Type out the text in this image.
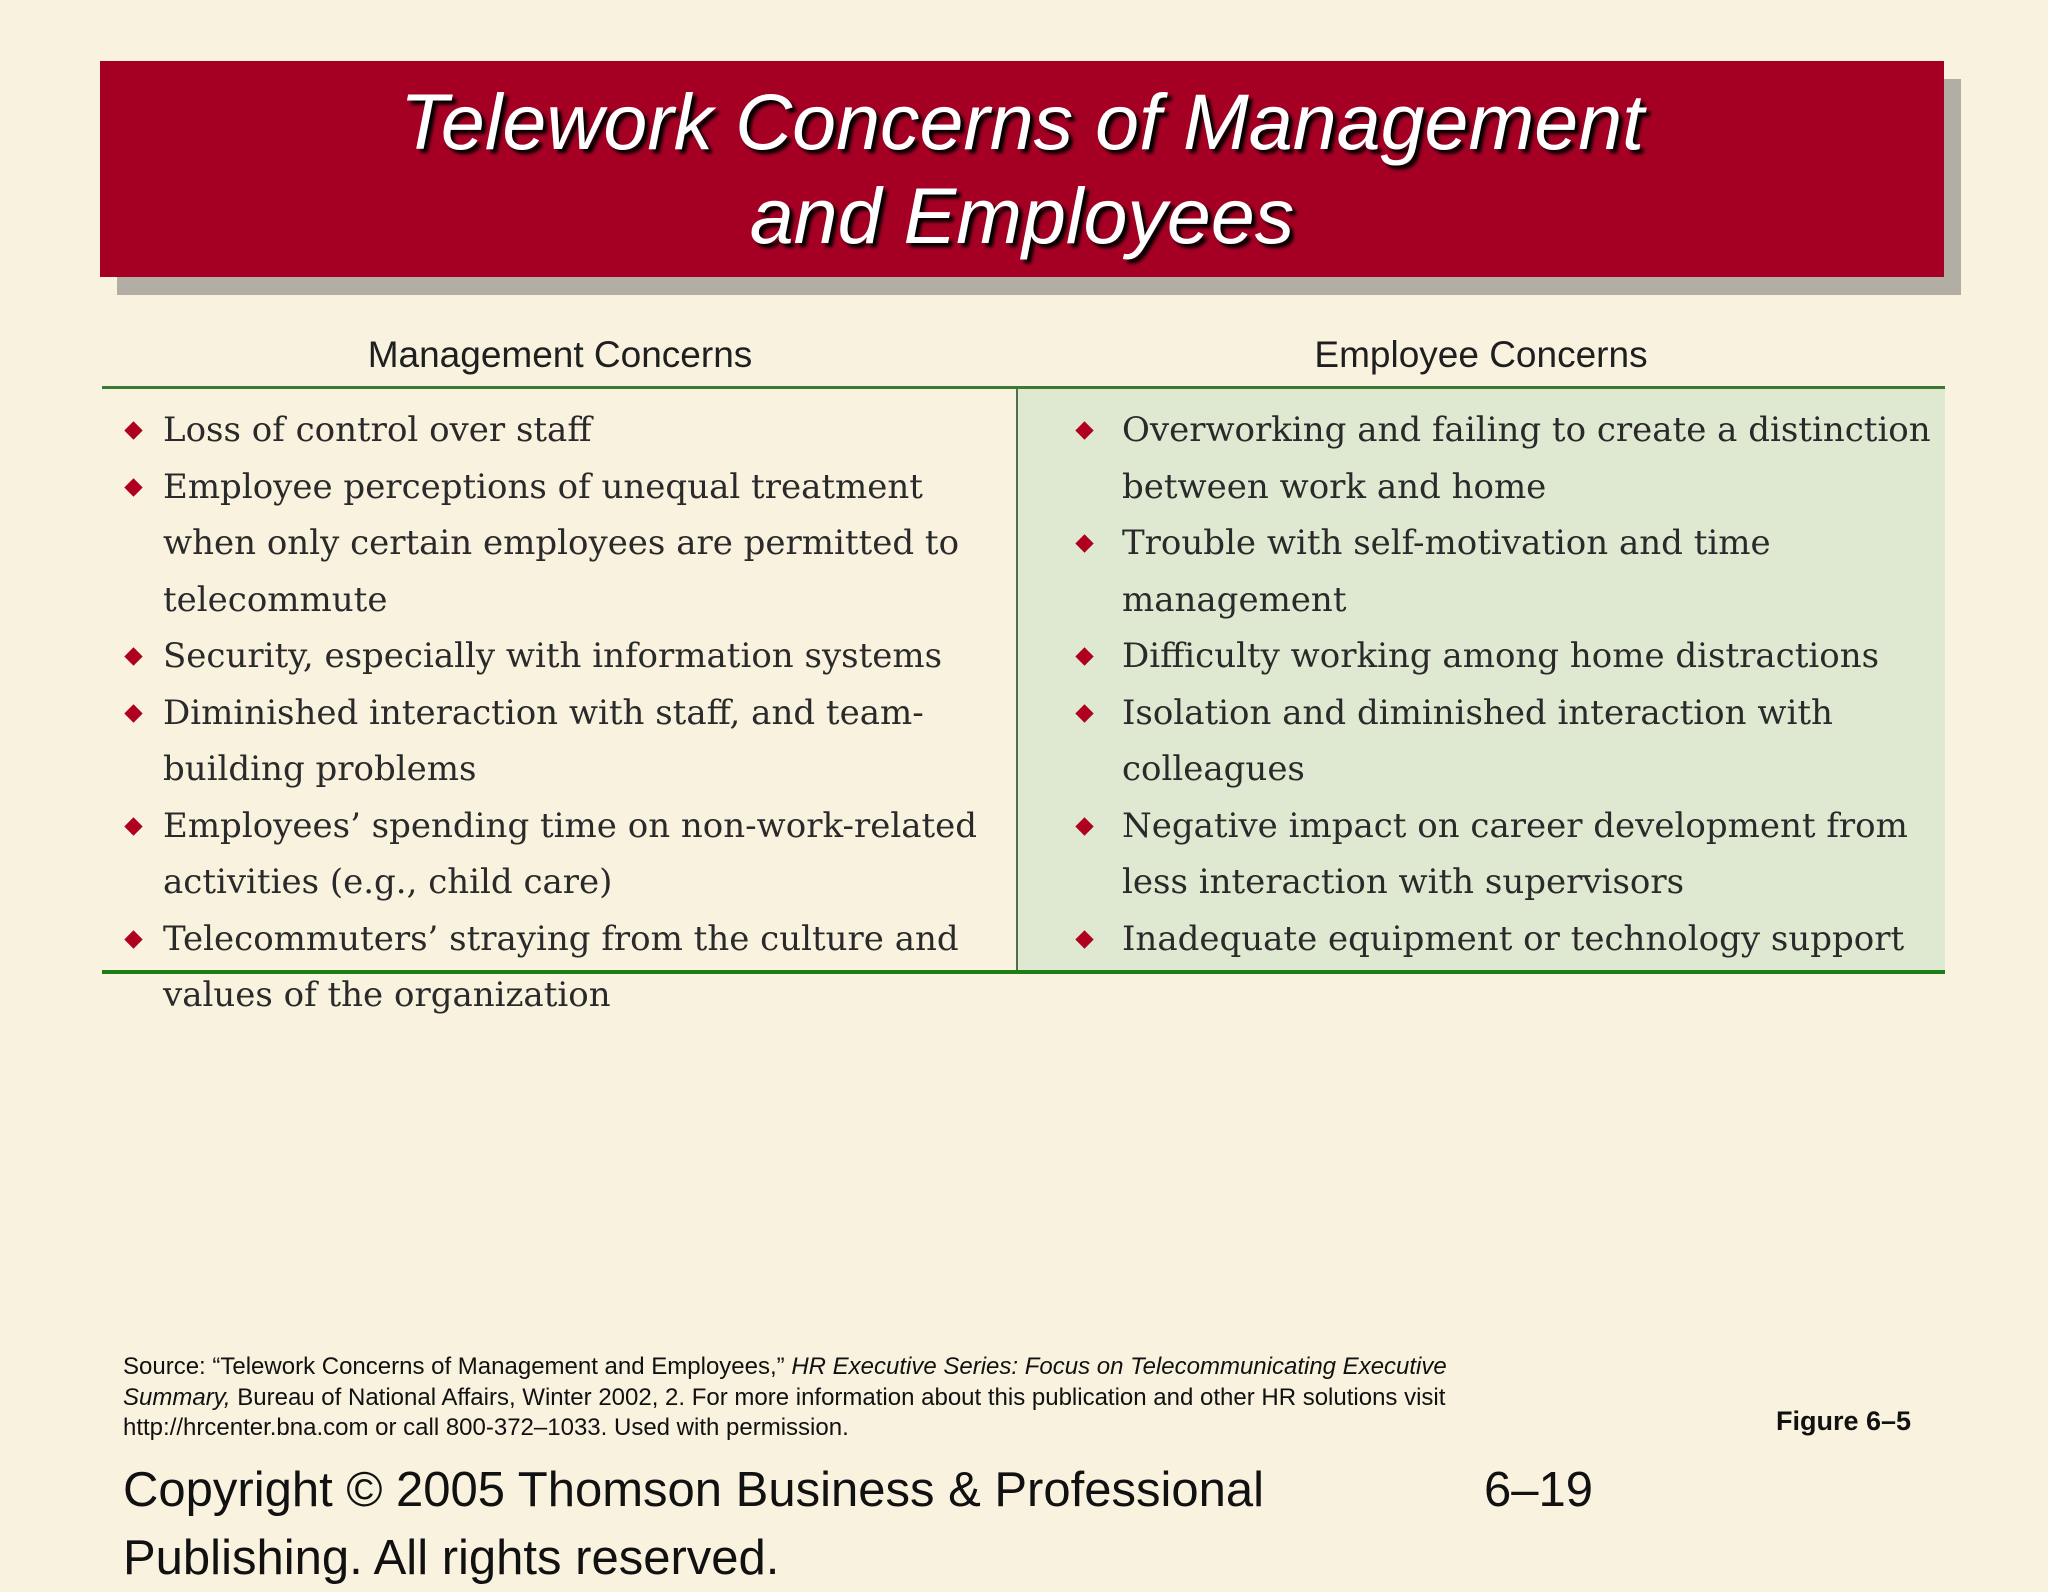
Telework Concerns of Management
and Employees
Management Concerns	Employee Concerns
Loss of control over staff
Employee perceptions of unequal treatment when only certain employees are permitted to telecommute
Security, especially with information systems
Diminished interaction with staff, and team-building problems
Employees’ spending time on non-work-related activities (e.g., child care)
Telecommuters’ straying from the culture and values of the organization
Overworking and failing to create a distinction between work and home
Trouble with self-motivation and time management
Difficulty working among home distractions
Isolation and diminished interaction with colleagues
Negative impact on career development from less interaction with supervisors
Inadequate equipment or technology support
Source: “Telework Concerns of Management and Employees,” HR Executive Series: Focus on Telecommunicating Executive Summary, Bureau of National Affairs, Winter 2002, 2. For more information about this publication and other HR solutions visit http://hrcenter.bna.com or call 800-372–1033. Used with permission.	Figure 6–5
Copyright © 2005 Thomson Business & Professional Publishing. All rights reserved.
6–19
